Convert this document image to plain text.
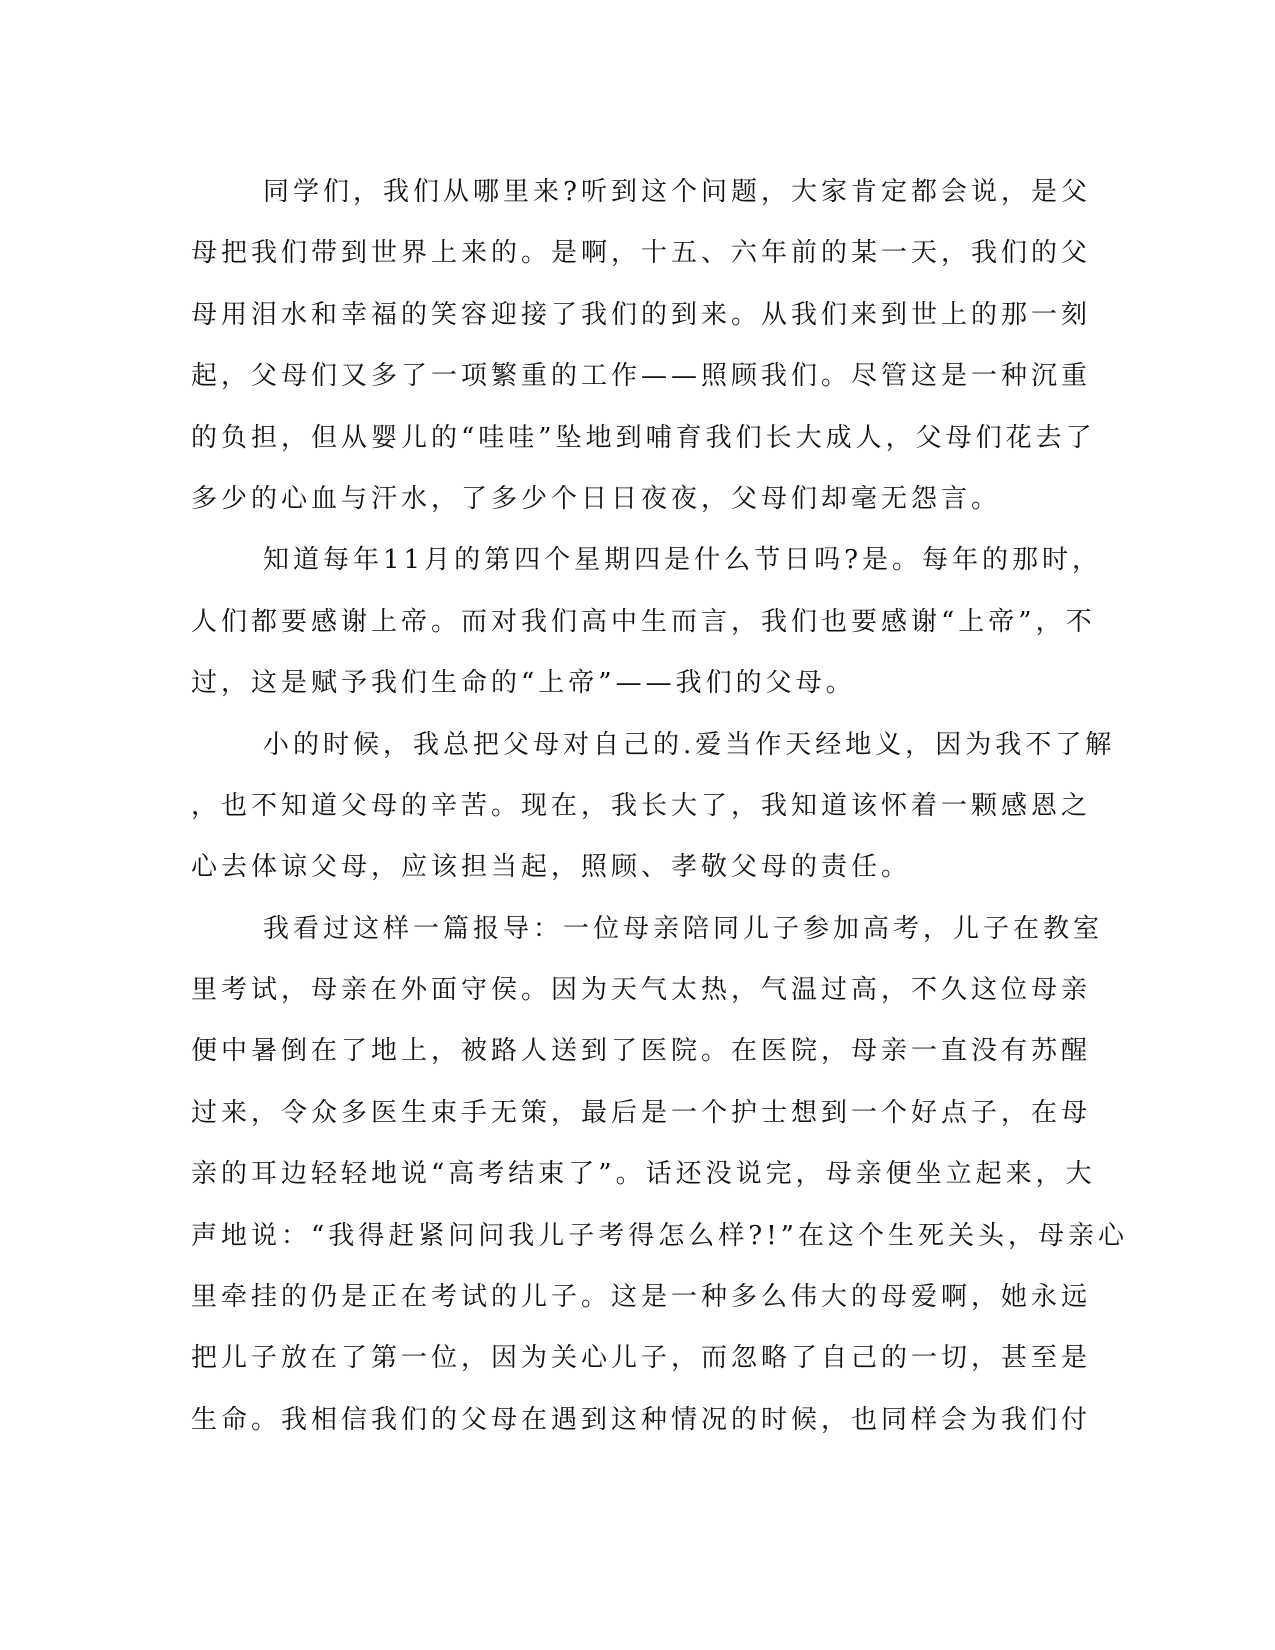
同学们，我们从哪里来?听到这个问题，大家肯定都会说，是父
母把我们带到世界上来的。是啊，十五、六年前的某一天，我们的父
母用泪水和幸福的笑容迎接了我们的到来。从我们来到世上的那一刻
起，父母们又多了一项繁重的工作——照顾我们。尽管这是一种沉重
的负担，但从婴儿的“哇哇”坠地到哺育我们长大成人，父母们花去了
多少的心血与汗水，了多少个日日夜夜，父母们却毫无怨言。
知道每年11月的第四个星期四是什么节日吗?是。每年的那时，
人们都要感谢上帝。而对我们高中生而言，我们也要感谢“上帝”，不
过，这是赋予我们生命的“上帝”——我们的父母。
小的时候，我总把父母对自己的.爱当作天经地义，因为我不了解
，也不知道父母的辛苦。现在，我长大了，我知道该怀着一颗感恩之
心去体谅父母，应该担当起，照顾、孝敬父母的责任。
我看过这样一篇报导：一位母亲陪同儿子参加高考，儿子在教室
里考试，母亲在外面守侯。因为天气太热，气温过高，不久这位母亲
便中暑倒在了地上，被路人送到了医院。在医院，母亲一直没有苏醒
过来，令众多医生束手无策，最后是一个护士想到一个好点子，在母
亲的耳边轻轻地说“高考结束了”。话还没说完，母亲便坐立起来，大
声地说：“我得赶紧问问我儿子考得怎么样?!”在这个生死关头，母亲心
里牵挂的仍是正在考试的儿子。这是一种多么伟大的母爱啊，她永远
把儿子放在了第一位，因为关心儿子，而忽略了自己的一切，甚至是
生命。我相信我们的父母在遇到这种情况的时候，也同样会为我们付
